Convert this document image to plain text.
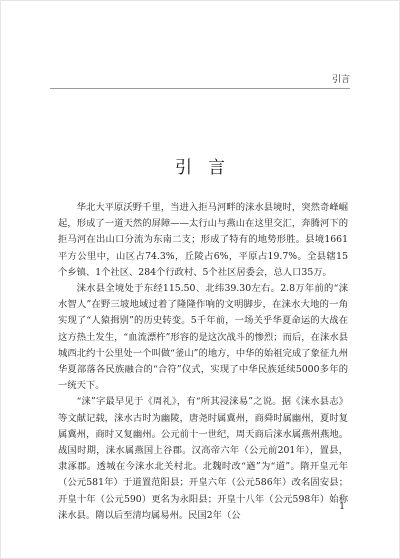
引言
引言

华北大平原沃野千里，当进入拒马河畔的涞水县境时，突然奇峰崛起，形成了一道天然的屏障——太行山与燕山在这里交汇，奔腾河下的拒马河在出山口分流为东南二支；形成了特有的地势形胜。县境1661平方公里中，山区占74.3%，丘陵占6%，平原占19.7%。全县辖15个乡镇、1个社区、284个行政村、5个社区居委会，总人口35万。

涞水县全境处于东经115.50、北纬39.30左右。2.8万年前的“涞水智人”在野三坡地域过着了隆隆作响的文明脚步，在涞水大地的一角实现了“人猿揖别”的历史转变。5千年前，一场关乎华夏命运的大战在这方热土发生，“血流漂杵”形容的是这次战斗的惨烈；而后，在涞水县城西北约十公里处一个叫做“釜山”的地方，中华的始祖完成了象征九州华夏部落各民族融合的“合符”仪式，实现了中华民族延续5000多年的一统天下。

“涞”字最早见于《周礼》，有“所其浸涞易”之说。据《涞水县志》等文献记载，涞水古时为幽陵，唐尧时属冀州，商舜时属幽州，夏时复属冀州，商时又复幽州。公元前十一世纪，周天商后涞水属燕州燕地。战国时期，涞水属燕国上谷郡。汉高帝六年（公元前201年），置县，隶涿郡。透城在今涞水北关村北。北魏时改“遒”为“道”。隋开皇元年（公元581年）于道置范阳县；开皇六年（公元586年）改名固安县；开皇十年（公元590）更名为永阳县；开皇十八年（公元598年）始称涞水县。隋以后至清均属易州。民国2年（公

1
